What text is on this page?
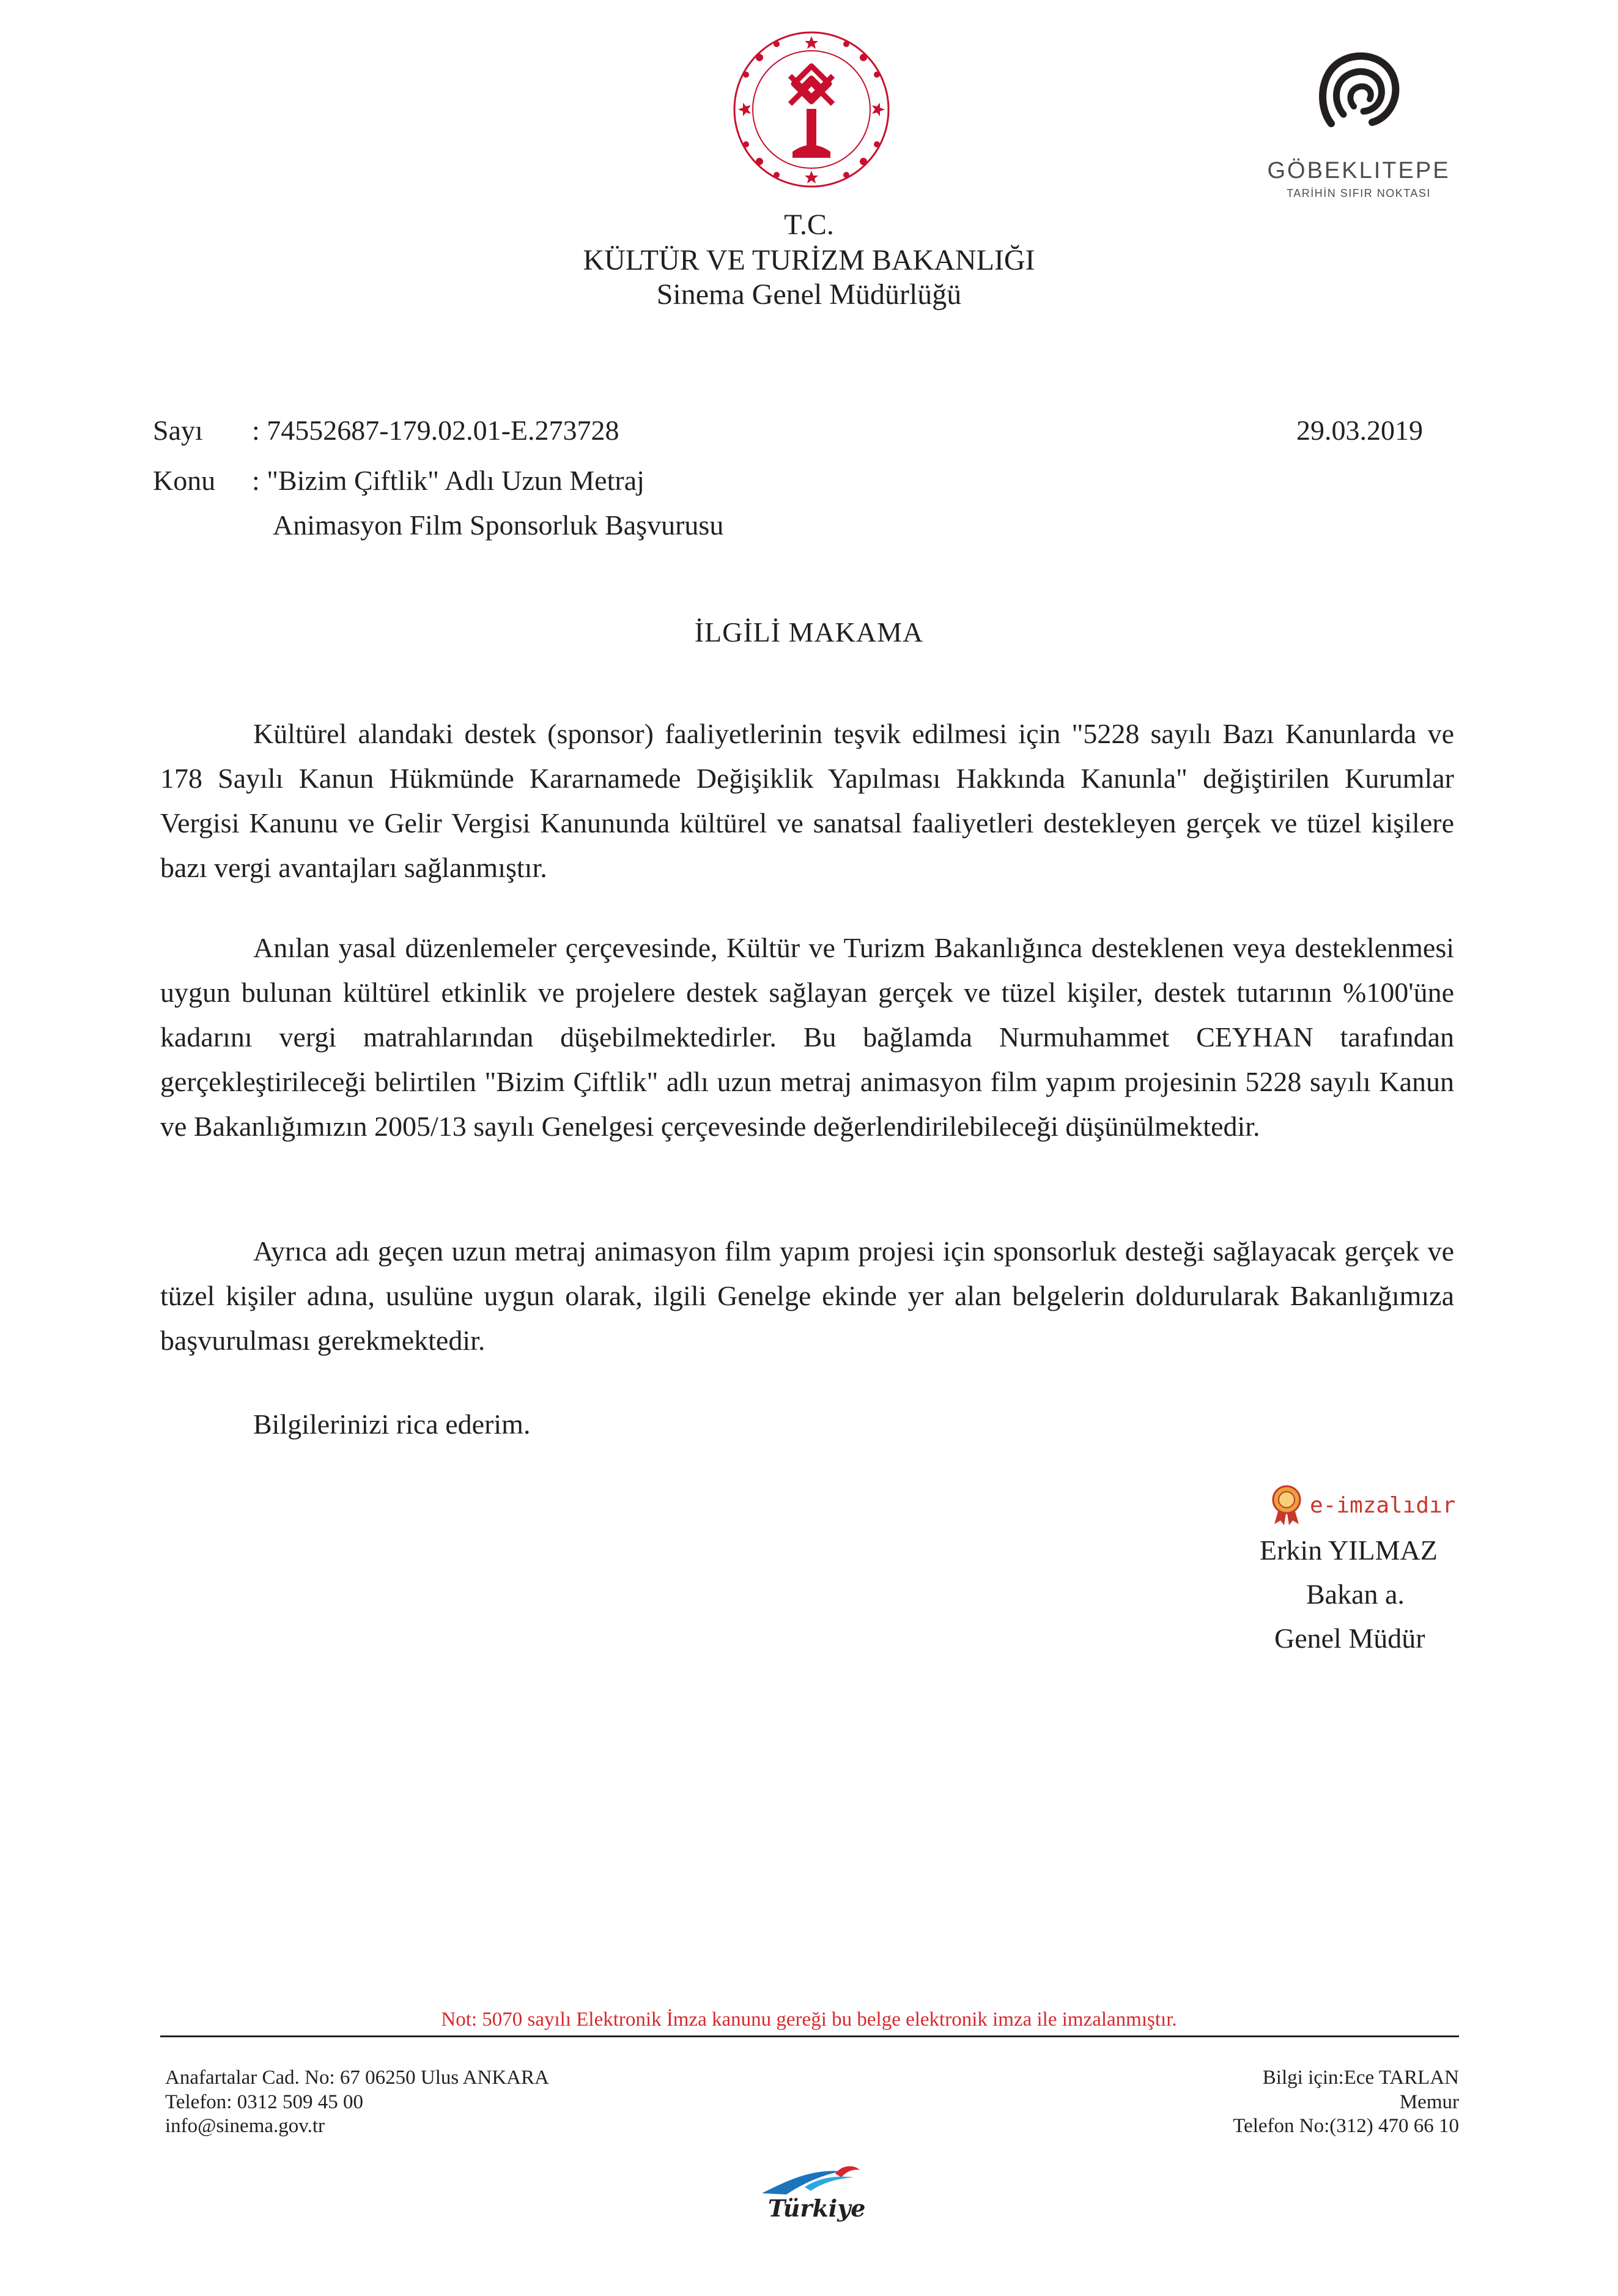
GÖBEKLITEPE
TARİHİN SIFIR NOKTASI
T.C.
KÜLTÜR VE TURİZM BAKANLIĞI
Sinema Genel Müdürlüğü
Sayı : 74552687-179.02.01-E.273728	29.03.2019
Konu : "Bizim Çiftlik" Adlı Uzun Metraj
Animasyon Film Sponsorluk Başvurusu
İLGİLİ MAKAMA

Kültürel alandaki destek (sponsor) faaliyetlerinin teşvik edilmesi için "5228 sayılı Bazı Kanunlarda ve 178 Sayılı Kanun Hükmünde Kararnamede Değişiklik Yapılması Hakkında Kanunla" değiştirilen Kurumlar Vergisi Kanunu ve Gelir Vergisi Kanununda kültürel ve sanatsal faaliyetleri destekleyen gerçek ve tüzel kişilere bazı vergi avantajları sağlanmıştır.

Anılan yasal düzenlemeler çerçevesinde, Kültür ve Turizm Bakanlığınca desteklenen veya desteklenmesi uygun bulunan kültürel etkinlik ve projelere destek sağlayan gerçek ve tüzel kişiler, destek tutarının %100'üne kadarını vergi matrahlarından düşebilmektedirler. Bu bağlamda Nurmuhammet CEYHAN tarafından gerçekleştirileceği belirtilen "Bizim Çiftlik" adlı uzun metraj animasyon film yapım projesinin 5228 sayılı Kanun ve Bakanlığımızın 2005/13 sayılı Genelgesi çerçevesinde değerlendirilebileceği düşünülmektedir.

Ayrıca adı geçen uzun metraj animasyon film yapım projesi için sponsorluk desteği sağlayacak gerçek ve tüzel kişiler adına, usulüne uygun olarak, ilgili Genelge ekinde yer alan belgelerin doldurularak Bakanlığımıza başvurulması gerekmektedir.

Bilgilerinizi rica ederim.

e-imzalıdır
Erkin YILMAZ
Bakan a.
Genel Müdür
Not: 5070 sayılı Elektronik İmza kanunu gereği bu belge elektronik imza ile imzalanmıştır.
Anafartalar Cad. No: 67 06250 Ulus ANKARA
Telefon: 0312 509 45 00
info@sinema.gov.tr
Bilgi için:Ece TARLAN
Memur
Telefon No:(312) 470 66 10
Türkiye
